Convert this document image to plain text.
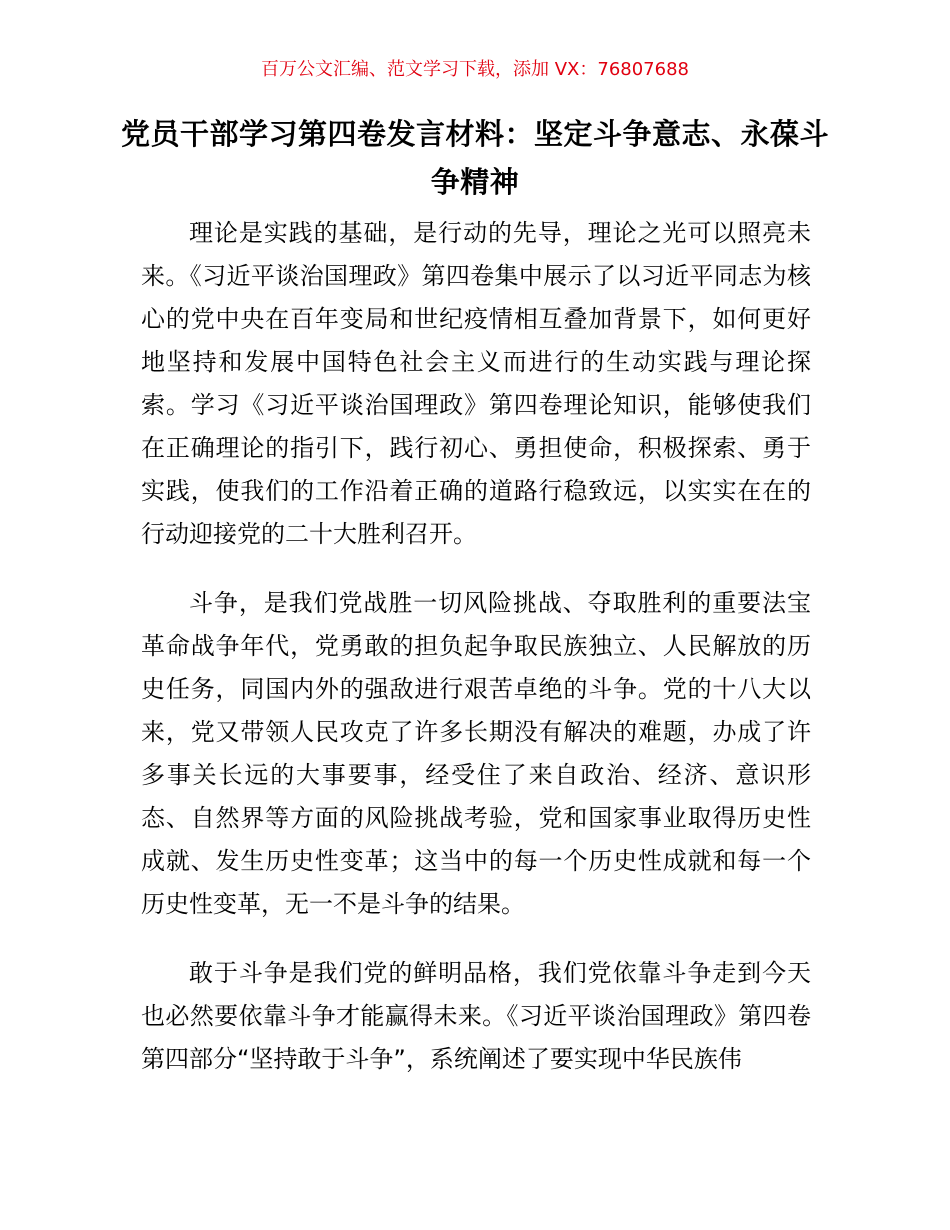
百万公文汇编、范文学习下载，添加 VX：76807688
党员干部学习第四卷发言材料：坚定斗争意志、永葆斗争精神

理论是实践的基础，是行动的先导，理论之光可以照亮未来。《习近平谈治国理政》第四卷集中展示了以习近平同志为核心的党中央在百年变局和世纪疫情相互叠加背景下，如何更好地坚持和发展中国特色社会主义而进行的生动实践与理论探索。学习《习近平谈治国理政》第四卷理论知识，能够使我们在正确理论的指引下，践行初心、勇担使命，积极探索、勇于实践，使我们的工作沿着正确的道路行稳致远，以实实在在的行动迎接党的二十大胜利召开。

斗争，是我们党战胜一切风险挑战、夺取胜利的重要法宝革命战争年代，党勇敢的担负起争取民族独立、人民解放的历史任务，同国内外的强敌进行艰苦卓绝的斗争。党的十八大以来，党又带领人民攻克了许多长期没有解决的难题，办成了许多事关长远的大事要事，经受住了来自政治、经济、意识形态、自然界等方面的风险挑战考验，党和国家事业取得历史性成就、发生历史性变革；这当中的每一个历史性成就和每一个历史性变革，无一不是斗争的结果。

敢于斗争是我们党的鲜明品格，我们党依靠斗争走到今天也必然要依靠斗争才能赢得未来。《习近平谈治国理政》第四卷第四部分“坚持敢于斗争”，系统阐述了要实现中华民族伟
